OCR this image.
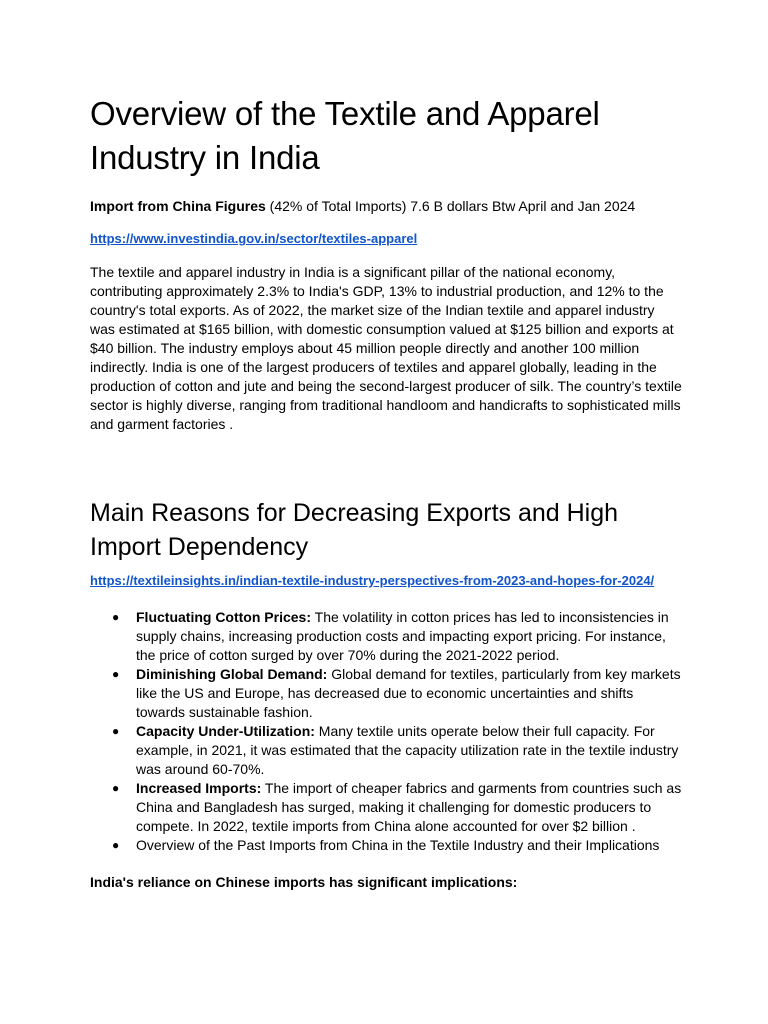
Overview of the Textile and Apparel Industry in India

Import from China Figures (42% of Total Imports) 7.6 B dollars Btw April and Jan 2024

https://www.investindia.gov.in/sector/textiles-apparel

The textile and apparel industry in India is a significant pillar of the national economy, contributing approximately 2.3% to India's GDP, 13% to industrial production, and 12% to the country's total exports. As of 2022, the market size of the Indian textile and apparel industry was estimated at $165 billion, with domestic consumption valued at $125 billion and exports at $40 billion. The industry employs about 45 million people directly and another 100 million indirectly. India is one of the largest producers of textiles and apparel globally, leading in the production of cotton and jute and being the second-largest producer of silk. The country’s textile sector is highly diverse, ranging from traditional handloom and handicrafts to sophisticated mills and garment factories .

Main Reasons for Decreasing Exports and High Import Dependency
https://textileinsights.in/indian-textile-industry-perspectives-from-2023-and-hopes-for-2024/
● Fluctuating Cotton Prices: The volatility in cotton prices has led to inconsistencies in supply chains, increasing production costs and impacting export pricing. For instance, the price of cotton surged by over 70% during the 2021-2022 period.
● Diminishing Global Demand: Global demand for textiles, particularly from key markets like the US and Europe, has decreased due to economic uncertainties and shifts towards sustainable fashion.
● Capacity Under-Utilization: Many textile units operate below their full capacity. For example, in 2021, it was estimated that the capacity utilization rate in the textile industry was around 60-70%.
● Increased Imports: The import of cheaper fabrics and garments from countries such as China and Bangladesh has surged, making it challenging for domestic producers to compete. In 2022, textile imports from China alone accounted for over $2 billion .
● Overview of the Past Imports from China in the Textile Industry and their Implications

India's reliance on Chinese imports has significant implications:
